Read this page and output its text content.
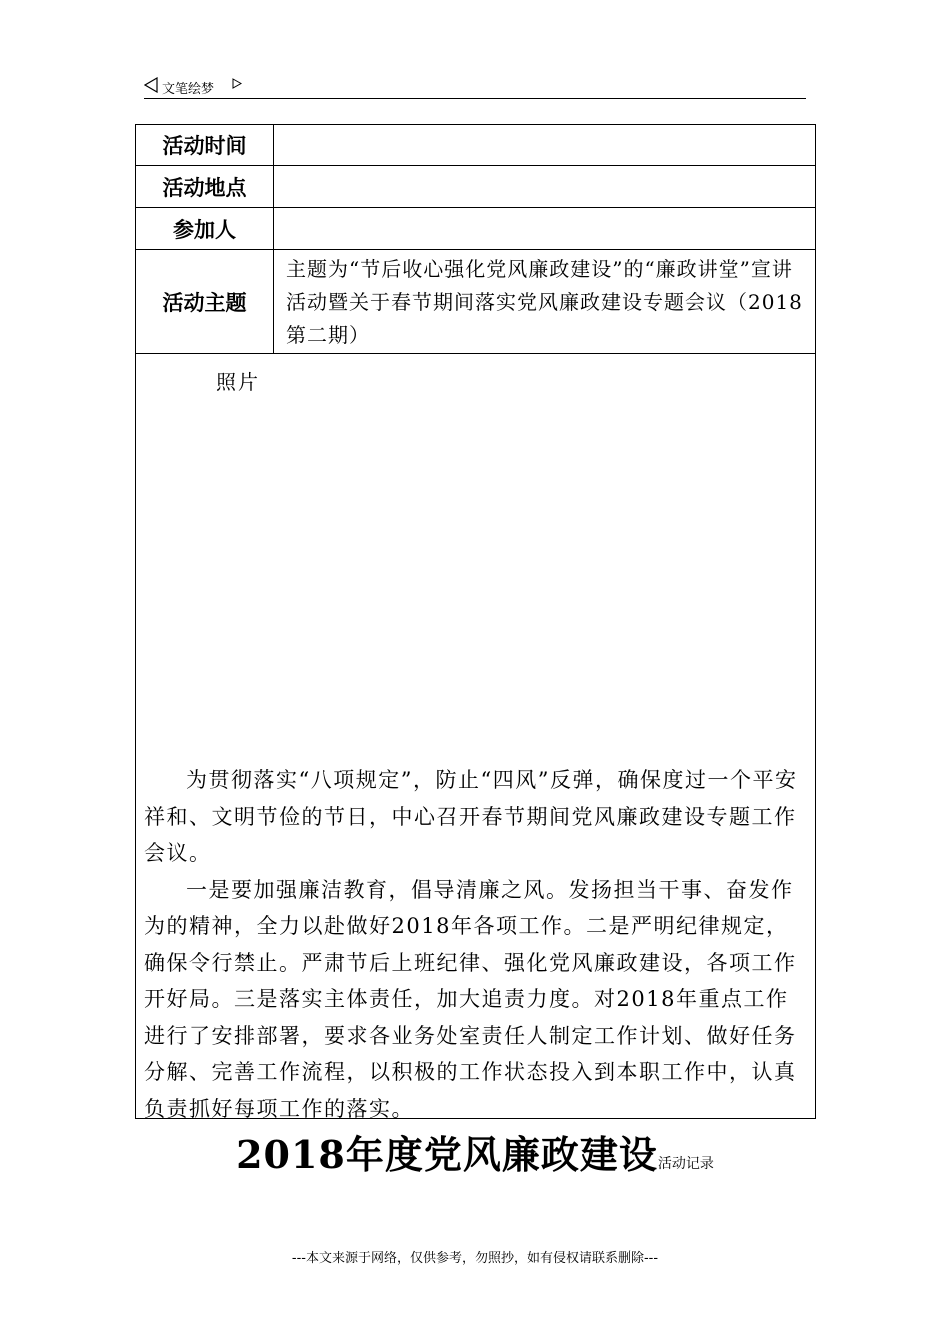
文笔绘梦
活动时间	
活动地点	
参加人	
活动主题	主题为“节后收心强化党风廉政建设”的“廉政讲堂”宣讲活动暨关于春节期间落实党风廉政建设专题会议（2018第二期）

照片

为贯彻落实“八项规定”，防止“四风”反弹，确保度过一个平安祥和、文明节俭的节日，中心召开春节期间党风廉政建设专题工作会议。

一是要加强廉洁教育，倡导清廉之风。发扬担当干事、奋发作为的精神，全力以赴做好2018年各项工作。二是严明纪律规定，确保令行禁止。严肃节后上班纪律、强化党风廉政建设，各项工作开好局。三是落实主体责任，加大追责力度。对2018年重点工作进行了安排部署，要求各业务处室责任人制定工作计划、做好任务分解、完善工作流程，以积极的工作状态投入到本职工作中，认真负责抓好每项工作的落实。	

2018年度党风廉政建设活动记录
---本文来源于网络，仅供参考，勿照抄，如有侵权请联系删除---
